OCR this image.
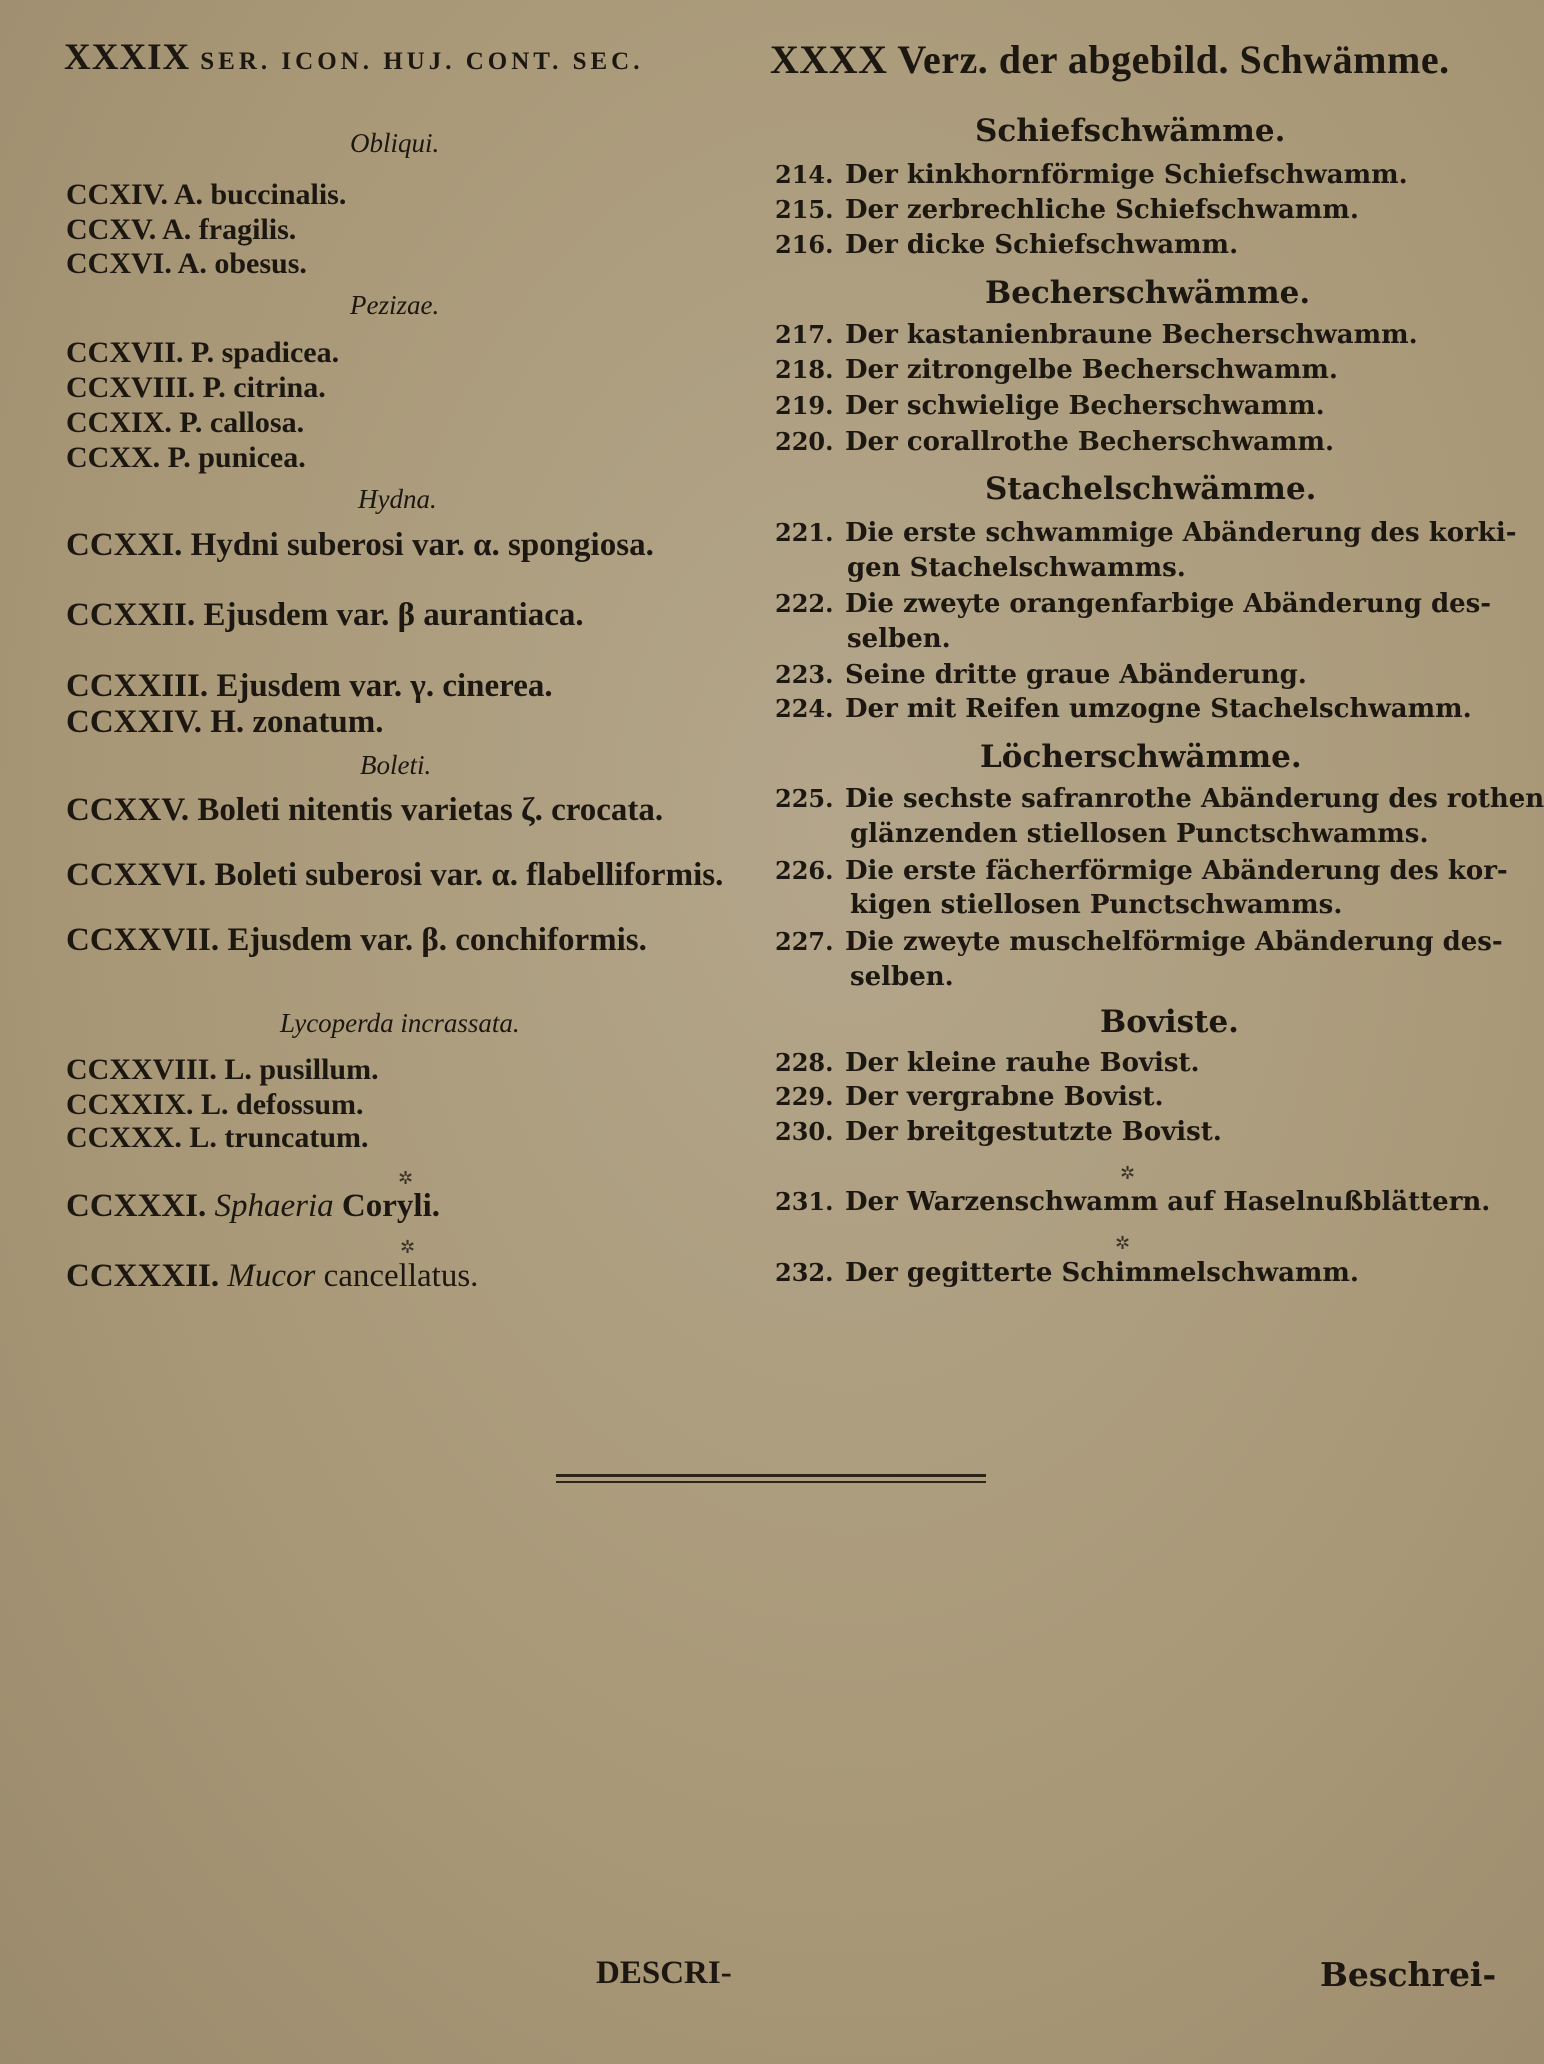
XXXIX SER. ICON. HUJ. CONT. SEC.	XXXX Verz. der abgebild. Schwämme.
Obliqui.
CCXIV. A. buccinalis.
CCXV. A. fragilis.
CCXVI. A. obesus.
Pezizae.
CCXVII. P. spadicea.
CCXVIII. P. citrina.
CCXIX. P. callosa.
CCXX. P. punicea.
Hydna.
CCXXI. Hydni suberosi var. α. spongiosa.
CCXXII. Ejusdem var. β aurantiaca.
CCXXIII. Ejusdem var. γ. cinerea.
CCXXIV. H. zonatum.
Boleti.
CCXXV. Boleti nitentis varietas ζ. crocata.
CCXXVI. Boleti suberosi var. α. flabelliformis.
CCXXVII. Ejusdem var. β. conchiformis.
Lycoperda incrassata.
CCXXVIII. L. pusillum.
CCXXIX. L. defossum.
CCXXX. L. truncatum.
✲
CCXXXI. Sphaeria Coryli.
✲
CCXXXII. Mucor cancellatus.
Schiefschwämme.
214. Der kinkhornförmige Schiefschwamm.
215. Der zerbrechliche Schiefschwamm.
216. Der dicke Schiefschwamm.
Becherschwämme.
217. Der kastanienbraune Becherschwamm.
218. Der zitrongelbe Becherschwamm.
219. Der schwielige Becherschwamm.
220. Der corallrothe Becherschwamm.
Stachelschwämme.
221. Die erste schwammige Abänderung des korki-
gen Stachelschwamms.
222. Die zweyte orangenfarbige Abänderung des-
selben.
223. Seine dritte graue Abänderung.
224. Der mit Reifen umzogne Stachelschwamm.
Löcherschwämme.
225. Die sechste safranrothe Abänderung des rothen
glänzenden stiellosen Punctschwamms.
226. Die erste fächerförmige Abänderung des kor-
kigen stiellosen Punctschwamms.
227. Die zweyte muschelförmige Abänderung des-
selben.
Boviste.
228. Der kleine rauhe Bovist.
229. Der vergrabne Bovist.
230. Der breitgestutzte Bovist.
✲
231. Der Warzenschwamm auf Haselnußblättern.
✲
232. Der gegitterte Schimmelschwamm.
DESCRI-	Beschrei-
